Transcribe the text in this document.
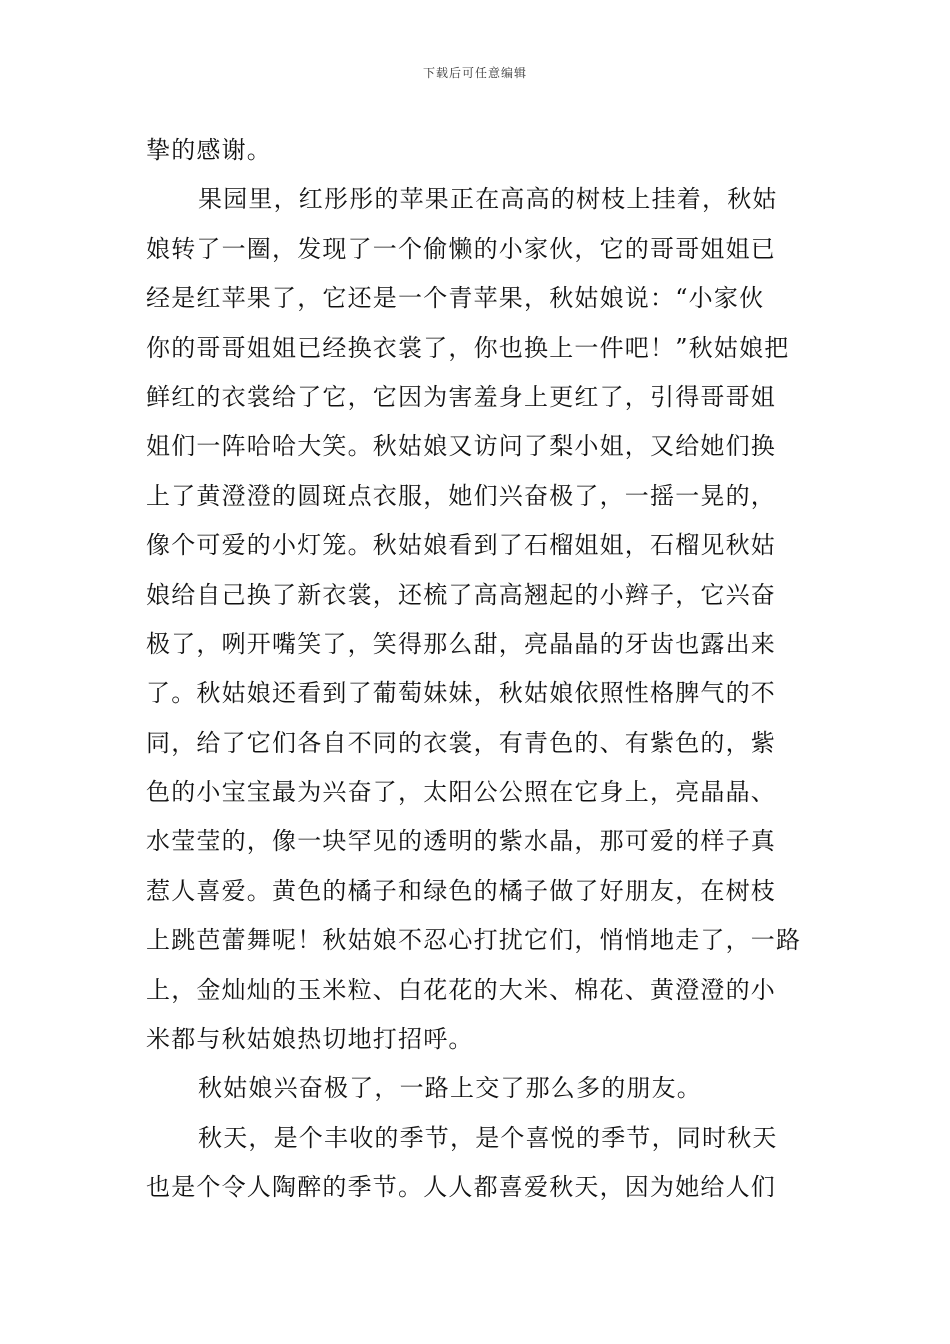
下载后可任意编辑
挚的感谢。
果园里，红彤彤的苹果正在高高的树枝上挂着，秋姑
娘转了一圈，发现了一个偷懒的小家伙，它的哥哥姐姐已
经是红苹果了，它还是一个青苹果，秋姑娘说：“小家伙
你的哥哥姐姐已经换衣裳了，你也换上一件吧！”秋姑娘把
鲜红的衣裳给了它，它因为害羞身上更红了，引得哥哥姐
姐们一阵哈哈大笑。秋姑娘又访问了梨小姐，又给她们换
上了黄澄澄的圆斑点衣服，她们兴奋极了，一摇一晃的，
像个可爱的小灯笼。秋姑娘看到了石榴姐姐，石榴见秋姑
娘给自己换了新衣裳，还梳了高高翘起的小辫子，它兴奋
极了，咧开嘴笑了，笑得那么甜，亮晶晶的牙齿也露出来
了。秋姑娘还看到了葡萄妹妹，秋姑娘依照性格脾气的不
同，给了它们各自不同的衣裳，有青色的、有紫色的，紫
色的小宝宝最为兴奋了，太阳公公照在它身上，亮晶晶、
水莹莹的，像一块罕见的透明的紫水晶，那可爱的样子真
惹人喜爱。黄色的橘子和绿色的橘子做了好朋友，在树枝
上跳芭蕾舞呢！秋姑娘不忍心打扰它们，悄悄地走了，一路
上，金灿灿的玉米粒、白花花的大米、棉花、黄澄澄的小
米都与秋姑娘热切地打招呼。
秋姑娘兴奋极了，一路上交了那么多的朋友。
秋天，是个丰收的季节，是个喜悦的季节，同时秋天
也是个令人陶醉的季节。人人都喜爱秋天，因为她给人们
